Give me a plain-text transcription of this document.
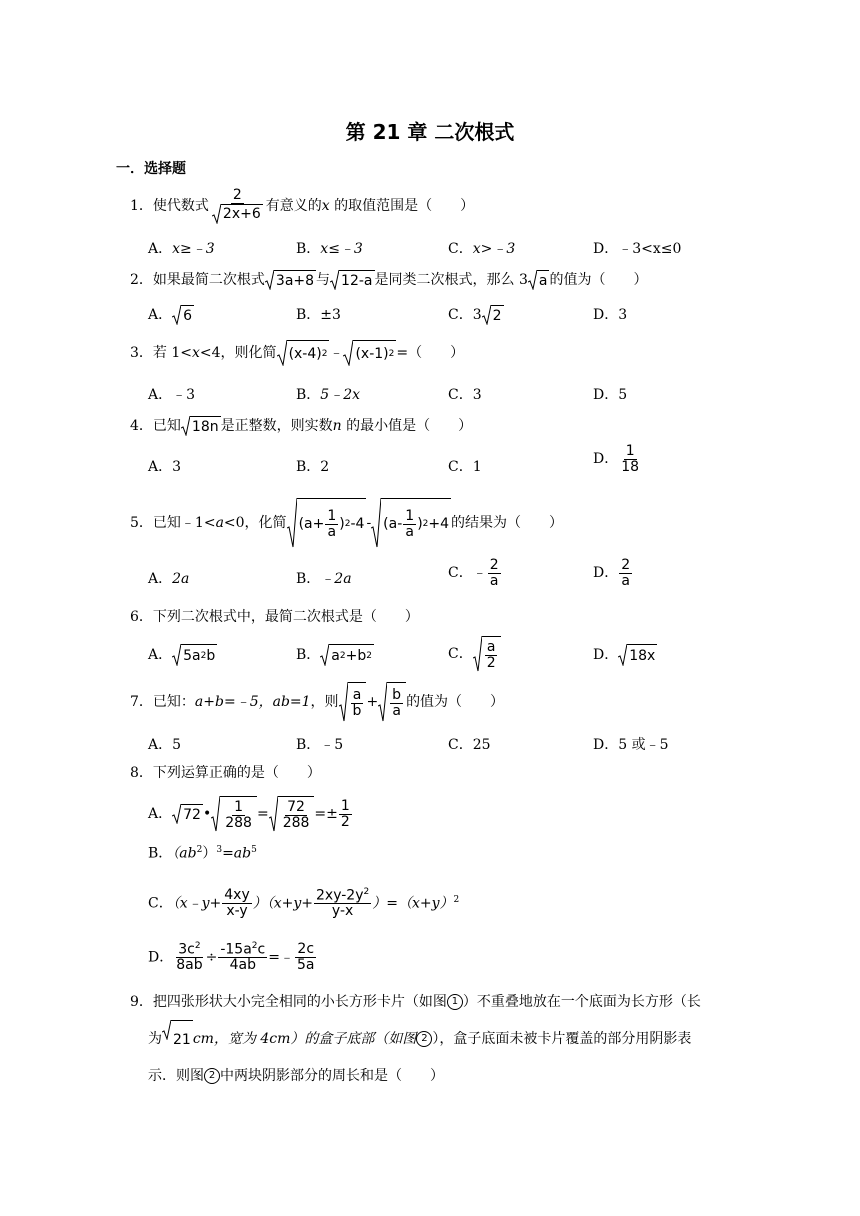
第 21 章 二次根式
一．选择题
1．使代数式 $\frac{2}{2x+6}$ 有意义的x 的取值范围是（　　）
A．x≥﹣3	B．x≤﹣3	C．x>﹣3	D．﹣3<x≤0
2．如果最简二次根式 3a+8 与 12-a 是同类二次根式，那么 3 a 的值为（　　）
A． 6	B．±3	C．3 2	D．3
3．若 1<x<4，则化简 (x-4) 2 ﹣ (x-1) 2 =（　　）
A．﹣3	B．5﹣2x	C．3	D．5
4．已知 18n 是正整数，则实数n 的最小值是（　　）
A．3	B．2	C．1	D． $\frac{1}{18}$
5．已知﹣1<a<0，化简 ($a+ \frac{1}{a}$ ) 2 $-4 - (a- \frac{1}{a}$ ) 2 +4 的结果为（　　）
A．2a	B．﹣2a	C．﹣ $\frac{2}{a}$	D． $\frac{2}{a}$
6．下列二次根式中，最简二次根式是（　　）
A． 5a 2 b	B． a 2 +b 2	C． $\frac{a}{2}$	D． 18x
7．已知：a+b=﹣5，ab=1，则 $\frac{a}{b} + \frac{b}{a}$ 的值为（　　）
A．5	B．﹣5	C．25	D．5 或﹣5
8．下列运算正确的是（　　）
A． 72 • $\frac{1}{288} = \frac{72}{288} =\pm \frac{1}{2}$
B．$(ab^2)^3=ab^5$
C．（x﹣y+ $\frac{4xy}{x-y} )(x+y+ \frac{2xy-2y^2}{y-x} )=(x+y)^2$
D． $\frac{3c^2}{8ab} \div \frac{-15a^2c}{4ab}$ =﹣ $\frac{2c}{5a}$
9．把四张形状大小完全相同的小长方形卡片（如图 1 ）不重叠地放在一个底面为长方形（长
为 21 cm，宽为 4cm）的盒子底部（如图 2 ），盒子底面未被卡片覆盖的部分用阴影表
示．则图 2 中两块阴影部分的周长和是（　　）
